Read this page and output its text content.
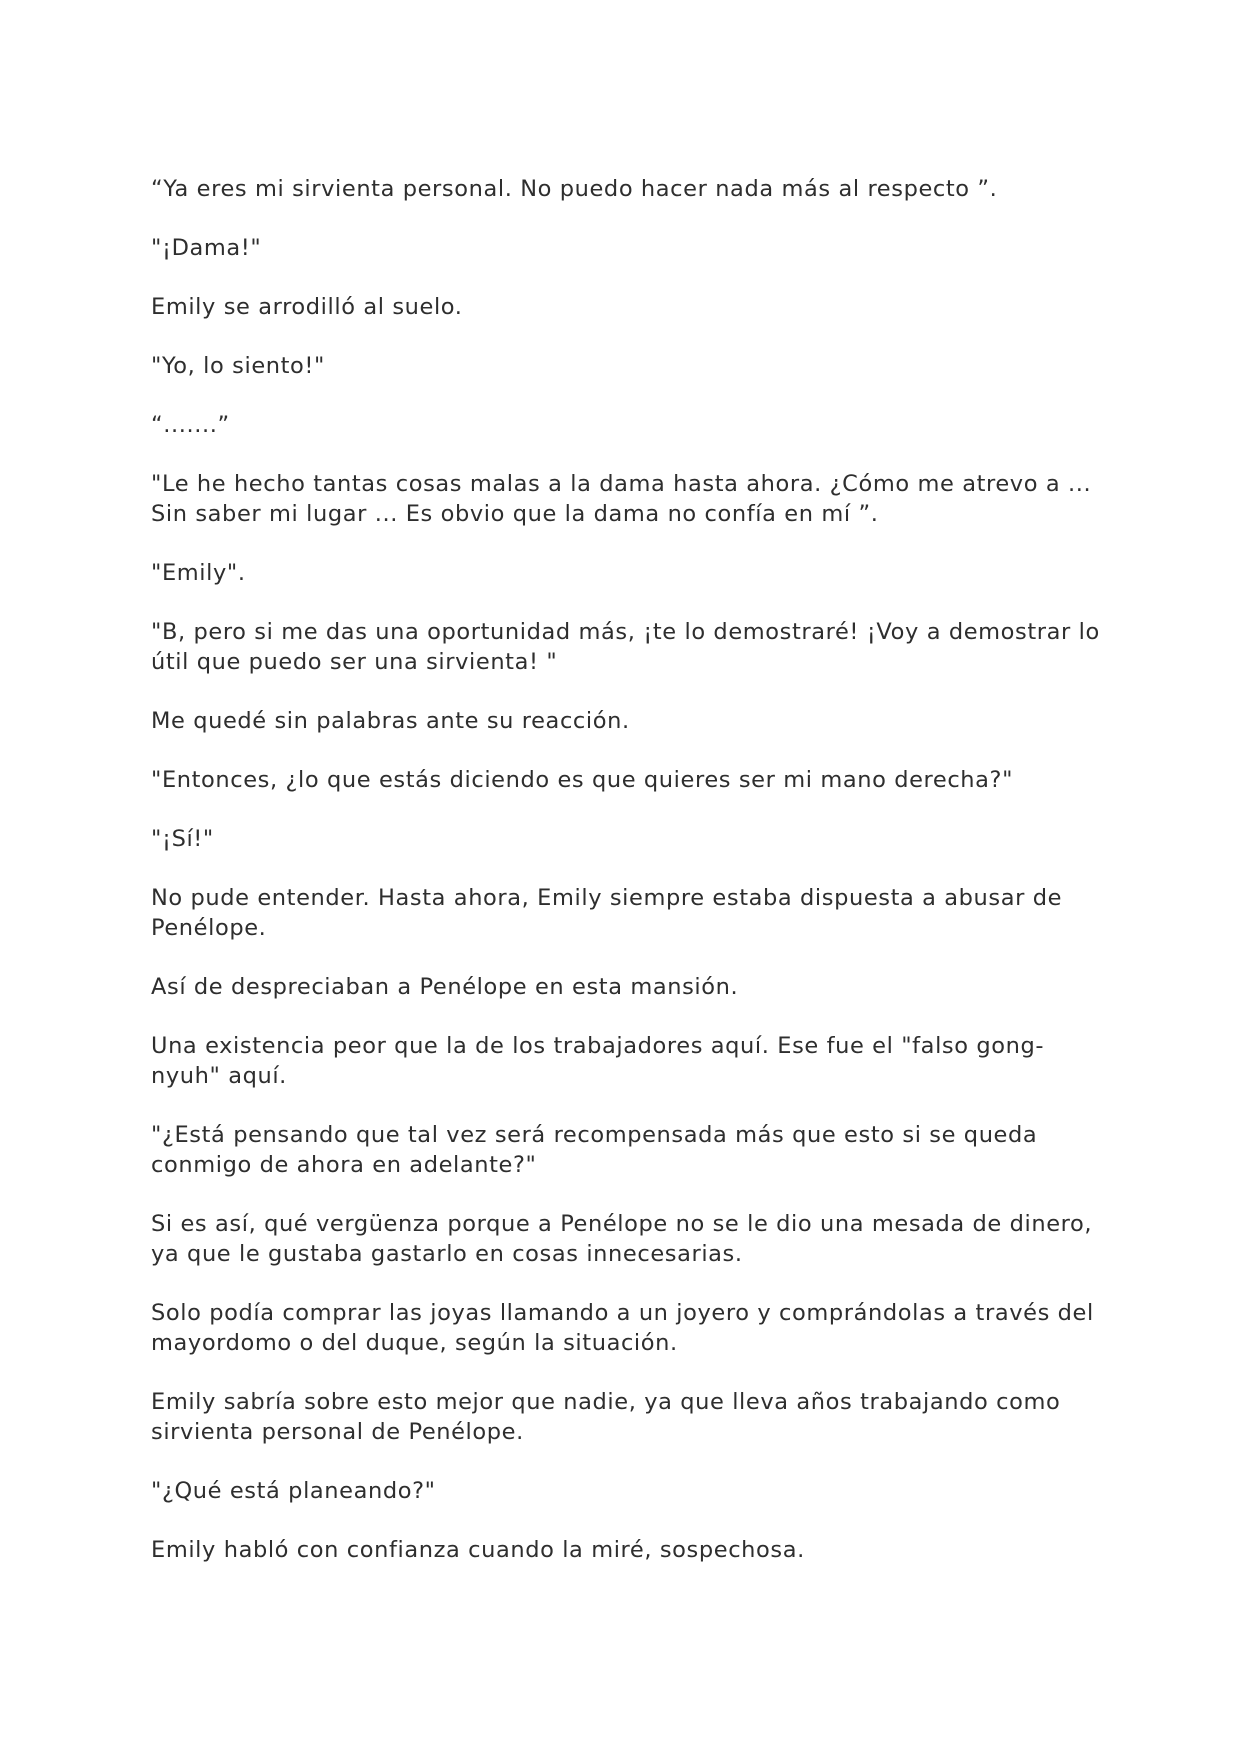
“Ya eres mi sirvienta personal. No puedo hacer nada más al respecto ”.

"¡Dama!"

Emily se arrodilló al suelo.

"Yo, lo siento!"

“.......”

"Le he hecho tantas cosas malas a la dama hasta ahora. ¿Cómo me atrevo a ... Sin saber mi lugar ... Es obvio que la dama no confía en mí ”.

"Emily".

"B, pero si me das una oportunidad más, ¡te lo demostraré! ¡Voy a demostrar lo útil que puedo ser una sirvienta! "

Me quedé sin palabras ante su reacción.

"Entonces, ¿lo que estás diciendo es que quieres ser mi mano derecha?"

"¡Sí!"

No pude entender. Hasta ahora, Emily siempre estaba dispuesta a abusar de Penélope.

Así de despreciaban a Penélope en esta mansión.

Una existencia peor que la de los trabajadores aquí. Ese fue el "falso gong-nyuh" aquí.

"¿Está pensando que tal vez será recompensada más que esto si se queda conmigo de ahora en adelante?"

Si es así, qué vergüenza porque a Penélope no se le dio una mesada de dinero, ya que le gustaba gastarlo en cosas innecesarias.

Solo podía comprar las joyas llamando a un joyero y comprándolas a través del mayordomo o del duque, según la situación.

Emily sabría sobre esto mejor que nadie, ya que lleva años trabajando como sirvienta personal de Penélope.

"¿Qué está planeando?"

Emily habló con confianza cuando la miré, sospechosa.
